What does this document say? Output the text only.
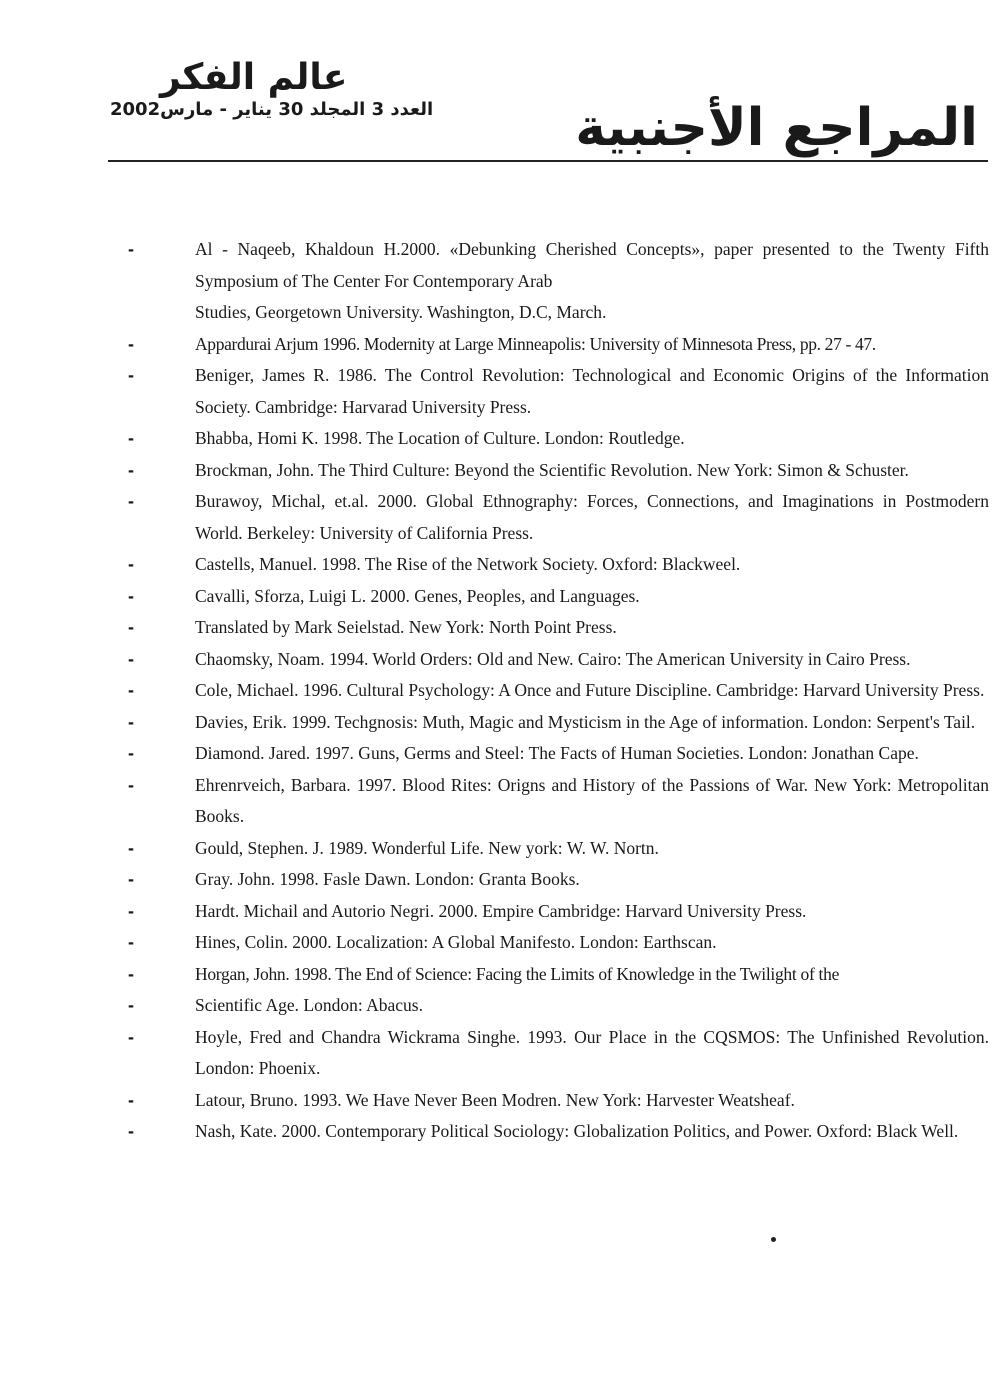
عالم الفكر
العدد 3 المجلد 30 يناير - مارس2002	المراجع الأجنبية
-	Al - Naqeeb, Khaldoun H.2000. «Debunking Cherished Concepts», paper presented to the Twenty Fifth Symposium of The Center For Contemporary Arab
Studies, Georgetown University. Washington, D.C, March.
-	Appardurai Arjum 1996. Modernity at Large Minneapolis: University of Minnesota Press, pp. 27 - 47.
-	Beniger, James R. 1986. The Control Revolution: Technological and Economic Origins of the Information Society. Cambridge: Harvarad University Press.
-	Bhabba, Homi K. 1998. The Location of Culture. London: Routledge.
-	Brockman, John. The Third Culture: Beyond the Scientific Revolution. New York: Simon & Schuster.
-	Burawoy, Michal, et.al. 2000. Global Ethnography: Forces, Connections, and Imaginations in Postmodern World. Berkeley: University of California Press.
-	Castells, Manuel. 1998. The Rise of the Network Society. Oxford: Blackweel.
-	Cavalli, Sforza, Luigi L. 2000. Genes, Peoples, and Languages.
-	Translated by Mark Seielstad. New York: North Point Press.
-	Chaomsky, Noam. 1994. World Orders: Old and New. Cairo: The American University in Cairo Press.
-	Cole, Michael. 1996. Cultural Psychology: A Once and Future Discipline. Cambridge: Harvard University Press.
-	Davies, Erik. 1999. Techgnosis: Muth, Magic and Mysticism in the Age of information. London: Serpent's Tail.
-	Diamond. Jared. 1997. Guns, Germs and Steel: The Facts of Human Societies. London: Jonathan Cape.
-	Ehrenrveich, Barbara. 1997. Blood Rites: Origns and History of the Passions of War. New York: Metropolitan Books.
-	Gould, Stephen. J. 1989. Wonderful Life. New york: W. W. Nortn.
-	Gray. John. 1998. Fasle Dawn. London: Granta Books.
-	Hardt. Michail and Autorio Negri. 2000. Empire Cambridge: Harvard University Press.
-	Hines, Colin. 2000. Localization: A Global Manifesto. London: Earthscan.
-	Horgan, John. 1998. The End of Science: Facing the Limits of Knowledge in the Twilight of the
-	Scientific Age. London: Abacus.
-	Hoyle, Fred and Chandra Wickrama Singhe. 1993. Our Place in the CQSMOS: The Unfinished Revolution. London: Phoenix.
-	Latour, Bruno. 1993. We Have Never Been Modren. New York: Harvester Weatsheaf.
-	Nash, Kate. 2000. Contemporary Political Sociology: Globalization Politics, and Power. Oxford: Black Well.
